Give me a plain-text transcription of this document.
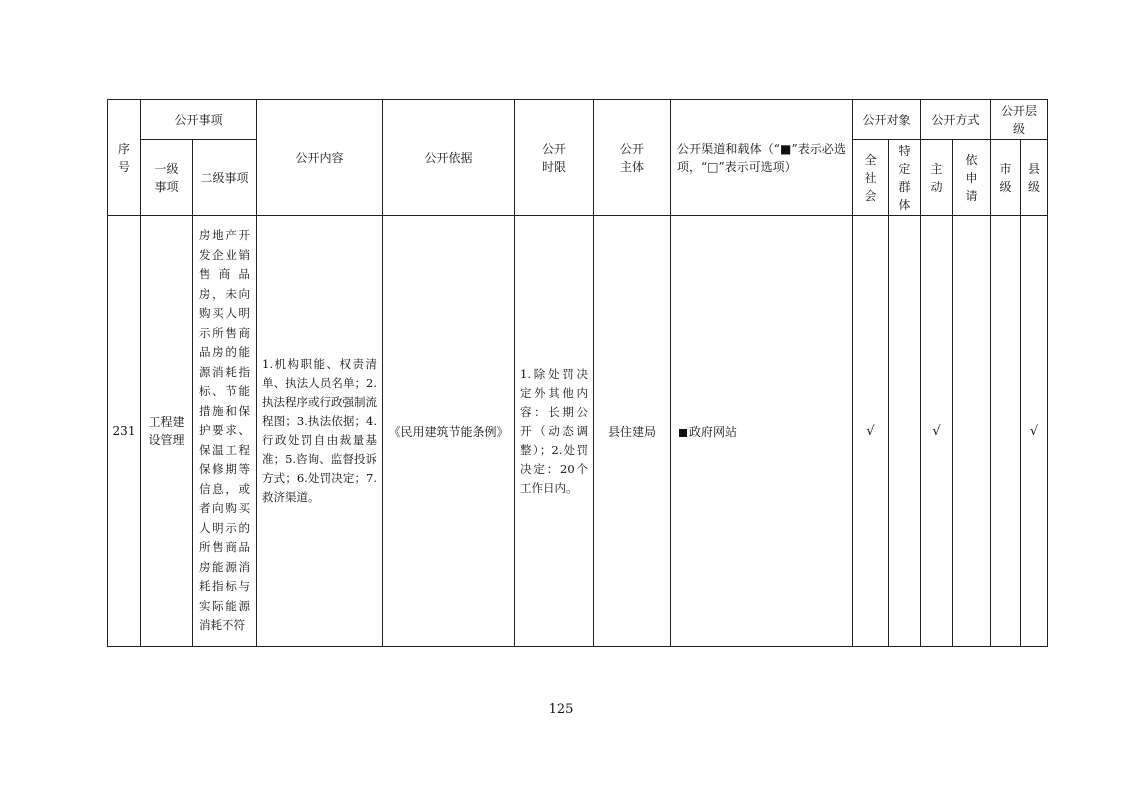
序号	公开事项		公开内容	公开依据	公开时限	公开主体	公开渠道和载体（“■”表示必选项，“□”表示可选项）	公开对象		公开方式		公开层级	
	一级事项	二级事项						全社会	特定群体	主动	依申请	市级	县级
231	工程建设管理	房地产开发企业销售商品房，未向购买人明示所售商品房的能源消耗指标、节能措施和保护要求、保温工程保修期等信息，或者向购买人明示的所售商品房能源消耗指标与实际能源消耗不符	1.机构职能、权责清单、执法人员名单；2.执法程序或行政强制流程图；3.执法依据；4.行政处罚自由裁量基准；5.咨询、监督投诉方式；6.处罚决定；7.救济渠道。	《民用建筑节能条例》	1.除处罚决定外其他内容：长期公开（动态调整）；2.处罚决定：20个工作日内。	县住建局	政府网站	√		√			√
125
